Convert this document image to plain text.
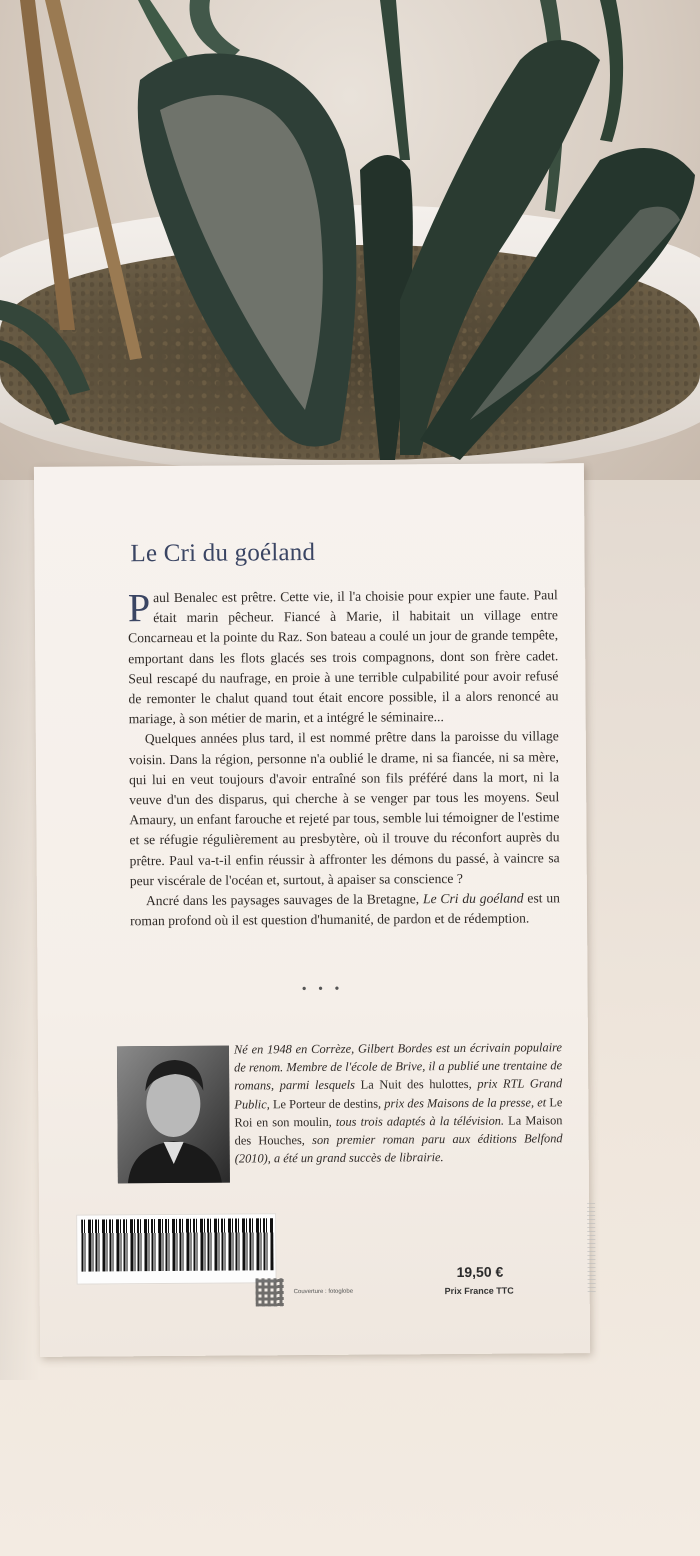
Le Cri du goéland

Paul Benalec est prêtre. Cette vie, il l'a choisie pour expier une faute. Paul était marin pêcheur. Fiancé à Marie, il habitait un village entre Concarneau et la pointe du Raz. Son bateau a coulé un jour de grande tempête, emportant dans les flots glacés ses trois compagnons, dont son frère cadet. Seul rescapé du naufrage, en proie à une terrible culpabilité pour avoir refusé de remonter le chalut quand tout était encore possible, il a alors renoncé au mariage, à son métier de marin, et a intégré le séminaire...

Quelques années plus tard, il est nommé prêtre dans la paroisse du village voisin. Dans la région, personne n'a oublié le drame, ni sa fiancée, ni sa mère, qui lui en veut toujours d'avoir entraîné son fils préféré dans la mort, ni la veuve d'un des disparus, qui cherche à se venger par tous les moyens. Seul Amaury, un enfant farouche et rejeté par tous, semble lui témoigner de l'estime et se réfugie régulièrement au presbytère, où il trouve du réconfort auprès du prêtre. Paul va-t-il enfin réussir à affronter les démons du passé, à vaincre sa peur viscérale de l'océan et, surtout, à apaiser sa conscience ?

Ancré dans les paysages sauvages de la Bretagne, Le Cri du goéland est un roman profond où il est question d'humanité, de pardon et de rédemption.

• • •
Né en 1948 en Corrèze, Gilbert Bordes est un écrivain populaire de renom. Membre de l'école de Brive, il a publié une trentaine de romans, parmi lesquels La Nuit des hulottes, prix RTL Grand Public, Le Porteur de destins, prix des Maisons de la presse, et Le Roi en son moulin, tous trois adaptés à la télévision. La Maison des Houches, son premier roman paru aux éditions Belfond (2010), a été un grand succès de librairie.
Couverture : fotoglobe
19,50 €
Prix France TTC
